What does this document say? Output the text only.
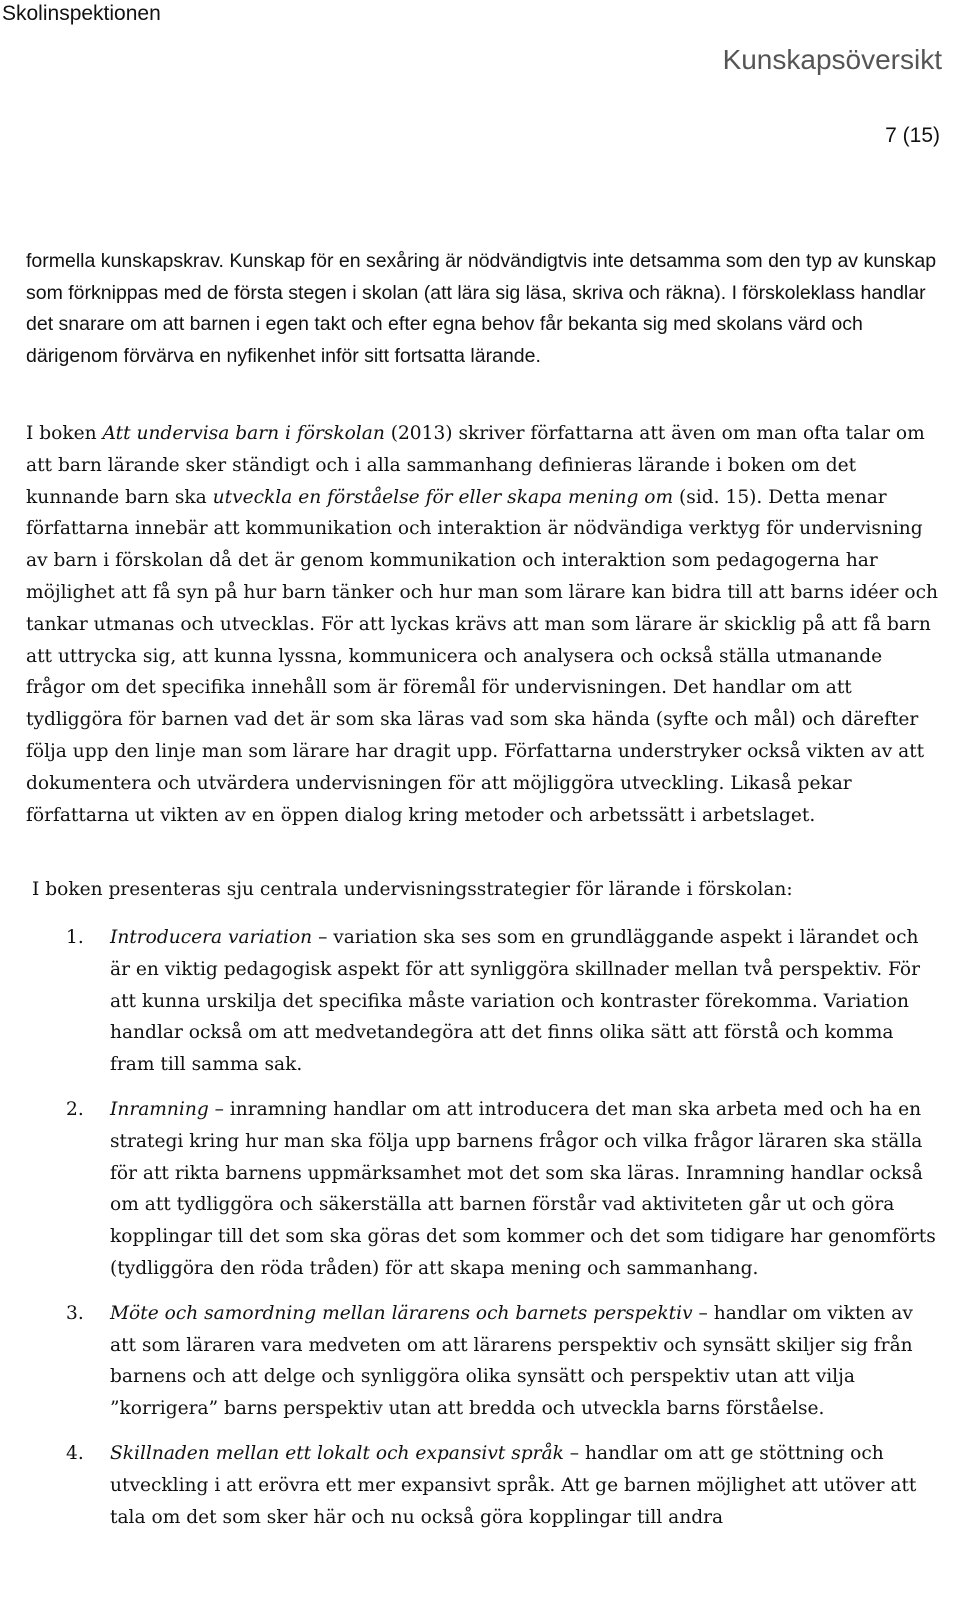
Skolinspektionen
Kunskapsöversikt
7 (15)

formella kunskapskrav. Kunskap för en sexåring är nödvändigtvis inte detsamma som den typ av kunskap som förknippas med de första stegen i skolan (att lära sig läsa, skriva och räkna). I förskoleklass handlar det snarare om att barnen i egen takt och efter egna behov får bekanta sig med skolans värd och därigenom förvärva en nyfikenhet inför sitt fortsatta lärande.

I boken Att undervisa barn i förskolan (2013) skriver författarna att även om man ofta talar om att barn lärande sker ständigt och i alla sammanhang definieras lärande i boken om det kunnande barn ska utveckla en förståelse för eller skapa mening om (sid. 15). Detta menar författarna innebär att kommunikation och interaktion är nödvändiga verktyg för undervisning av barn i förskolan då det är genom kommunikation och interaktion som pedagogerna har möjlighet att få syn på hur barn tänker och hur man som lärare kan bidra till att barns idéer och tankar utmanas och utvecklas. För att lyckas krävs att man som lärare är skicklig på att få barn att uttrycka sig, att kunna lyssna, kommunicera och analysera och också ställa utmanande frågor om det specifika innehåll som är föremål för undervisningen. Det handlar om att tydliggöra för barnen vad det är som ska läras vad som ska hända (syfte och mål) och därefter följa upp den linje man som lärare har dragit upp. Författarna understryker också vikten av att dokumentera och utvärdera undervisningen för att möjliggöra utveckling. Likaså pekar författarna ut vikten av en öppen dialog kring metoder och arbetssätt i arbetslaget.

I boken presenteras sju centrala undervisningsstrategier för lärande i förskolan:

1. Introducera variation – variation ska ses som en grundläggande aspekt i lärandet och är en viktig pedagogisk aspekt för att synliggöra skillnader mellan två perspektiv. För att kunna urskilja det specifika måste variation och kontraster förekomma. Variation handlar också om att medvetandegöra att det finns olika sätt att förstå och komma fram till samma sak.
2. Inramning – inramning handlar om att introducera det man ska arbeta med och ha en strategi kring hur man ska följa upp barnens frågor och vilka frågor läraren ska ställa för att rikta barnens uppmärksamhet mot det som ska läras. Inramning handlar också om att tydliggöra och säkerställa att barnen förstår vad aktiviteten går ut och göra kopplingar till det som ska göras det som kommer och det som tidigare har genomförts (tydliggöra den röda tråden) för att skapa mening och sammanhang.
3. Möte och samordning mellan lärarens och barnets perspektiv – handlar om vikten av att som läraren vara medveten om att lärarens perspektiv och synsätt skiljer sig från barnens och att delge och synliggöra olika synsätt och perspektiv utan att vilja ”korrigera” barns perspektiv utan att bredda och utveckla barns förståelse.
4. Skillnaden mellan ett lokalt och expansivt språk – handlar om att ge stöttning och utveckling i att erövra ett mer expansivt språk. Att ge barnen möjlighet att utöver att tala om det som sker här och nu också göra kopplingar till andra
